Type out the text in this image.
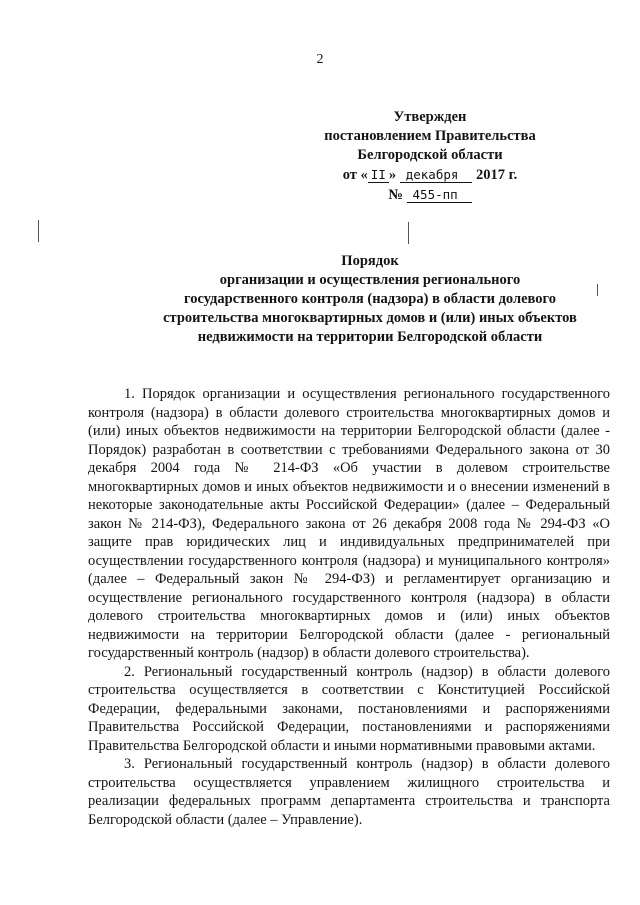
2
Утвержден
постановлением Правительства
Белгородской области
от « II » декабря 2017 г.
№ 455-пп
Порядок
организации и осуществления регионального
государственного контроля (надзора) в области долевого
строительства многоквартирных домов и (или) иных объектов
недвижимости на территории Белгородской области

1. Порядок организации и осуществления регионального государственного контроля (надзора) в области долевого строительства многоквартирных домов и (или) иных объектов недвижимости на территории Белгородской области (далее - Порядок) разработан в соответствии с требованиями Федерального закона от 30 декабря 2004 года № 214-ФЗ «Об участии в долевом строительстве многоквартирных домов и иных объектов недвижимости и о внесении изменений в некоторые законодательные акты Российской Федерации» (далее – Федеральный закон № 214-ФЗ), Федерального закона от 26 декабря 2008 года № 294-ФЗ «О защите прав юридических лиц и индивидуальных предпринимателей при осуществлении государственного контроля (надзора) и муниципального контроля» (далее – Федеральный закон № 294-ФЗ) и регламентирует организацию и осуществление регионального государственного контроля (надзора) в области долевого строительства многоквартирных домов и (или) иных объектов недвижимости на территории Белгородской области (далее - региональный государственный контроль (надзор) в области долевого строительства).

2. Региональный государственный контроль (надзор) в области долевого строительства осуществляется в соответствии с Конституцией Российской Федерации, федеральными законами, постановлениями и распоряжениями Правительства Российской Федерации, постановлениями и распоряжениями Правительства Белгородской области и иными нормативными правовыми актами.

3. Региональный государственный контроль (надзор) в области долевого строительства осуществляется управлением жилищного строительства и реализации федеральных программ департамента строительства и транспорта Белгородской области (далее – Управление).
